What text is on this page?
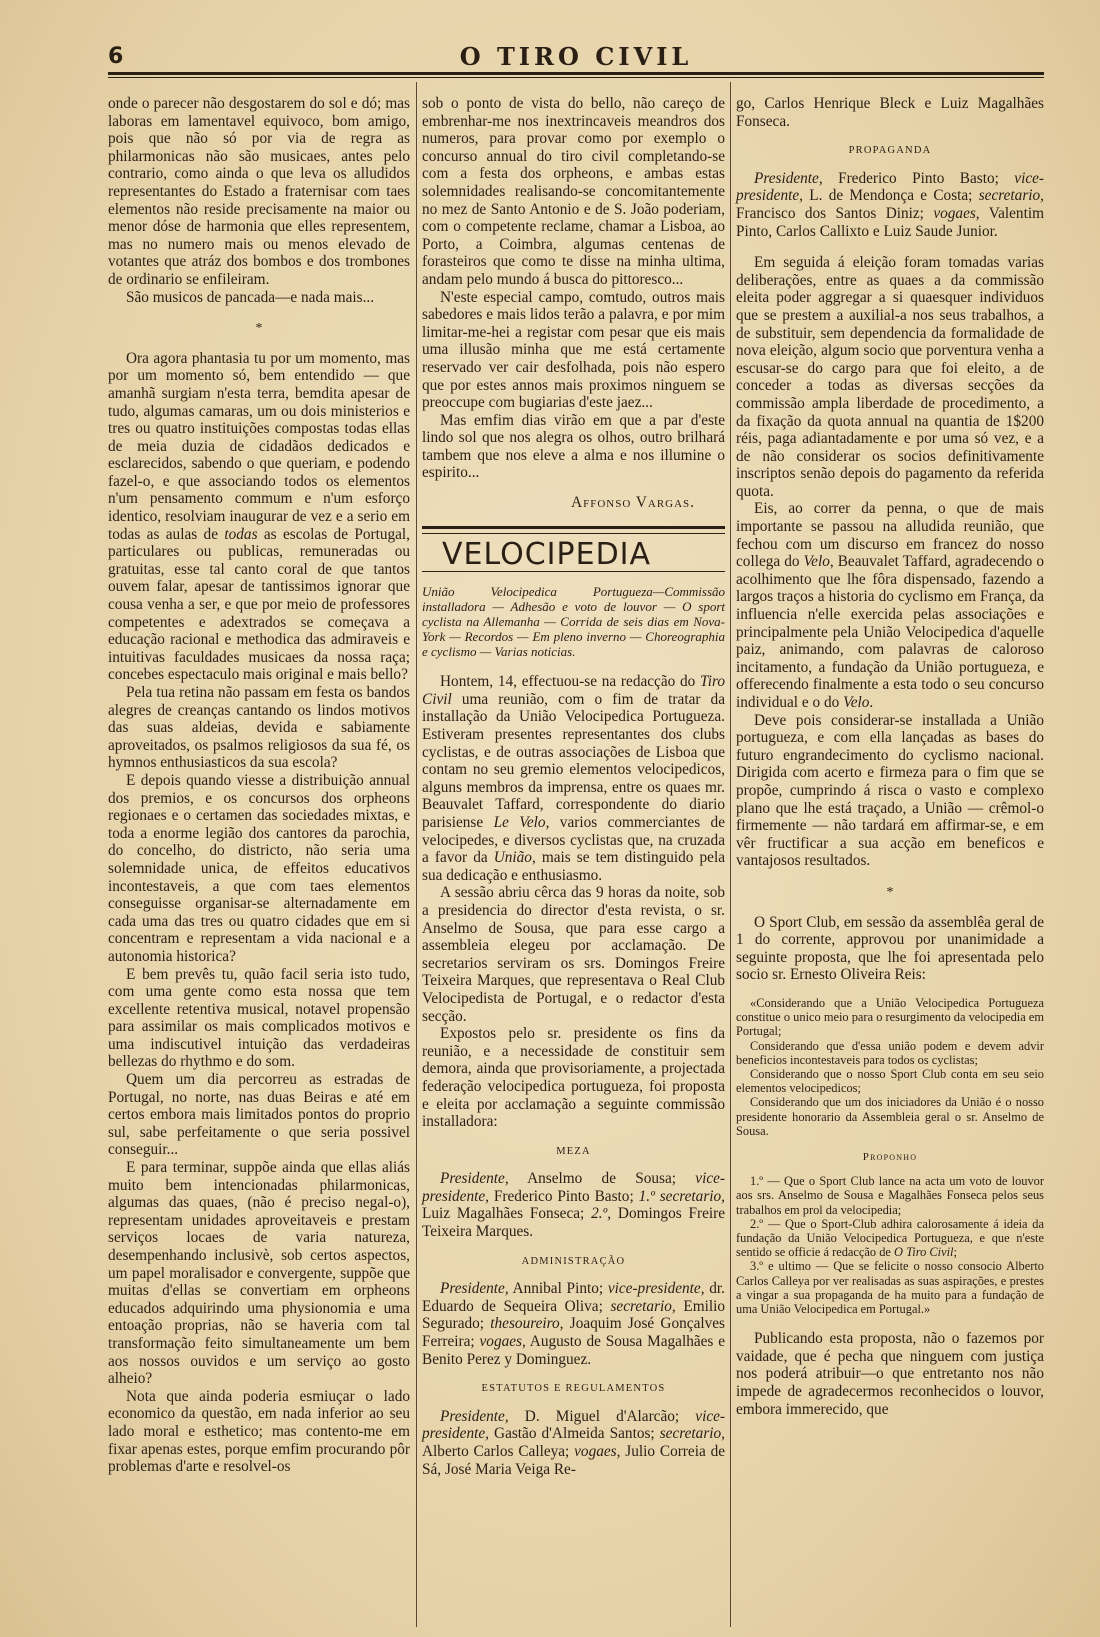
6	O TIRO CIVIL

onde o parecer não desgostarem do sol e dó; mas laboras em lamentavel equivoco, bom amigo, pois que não só por via de regra as philarmonicas não são musicaes, antes pelo contrario, como ainda o que leva os alludidos representantes do Estado a fraternisar com taes elementos não reside precisamente na maior ou menor dóse de harmonia que elles representem, mas no numero mais ou menos elevado de votantes que atráz dos bombos e dos trombones de ordinario se enfileiram.

São musicos de pancada—e nada mais...

*

Ora agora phantasia tu por um momento, mas por um momento só, bem entendido — que amanhã surgiam n'esta terra, bemdita apesar de tudo, algumas camaras, um ou dois ministerios e tres ou quatro instituições compostas todas ellas de meia duzia de cidadãos dedicados e esclarecidos, sabendo o que queriam, e podendo fazel-o, e que associando todos os elementos n'um pensamento commum e n'um esforço identico, resolviam inaugurar de vez e a serio em todas as aulas de todas as escolas de Portugal, particulares ou publicas, remuneradas ou gratuitas, esse tal canto coral de que tantos ouvem falar, apesar de tantissimos ignorar que cousa venha a ser, e que por meio de professores competentes e adextrados se começava a educação racional e methodica das admiraveis e intuitivas faculdades musicaes da nossa raça; concebes espectaculo mais original e mais bello?

Pela tua retina não passam em festa os bandos alegres de creanças cantando os lindos motivos das suas aldeias, devida e sabiamente aproveitados, os psalmos religiosos da sua fé, os hymnos enthusiasticos da sua escola?

E depois quando viesse a distribuição annual dos premios, e os concursos dos orpheons regionaes e o certamen das sociedades mixtas, e toda a enorme legião dos cantores da parochia, do concelho, do districto, não seria uma solemnidade unica, de effeitos educativos incontestaveis, a que com taes elementos conseguisse organisar-se alternadamente em cada uma das tres ou quatro cidades que em si concentram e representam a vida nacional e a autonomia historica?

E bem prevês tu, quão facil seria isto tudo, com uma gente como esta nossa que tem excellente retentiva musical, notavel propensão para assimilar os mais complicados motivos e uma indiscutivel intuição das verdadeiras bellezas do rhythmo e do som.

Quem um dia percorreu as estradas de Portugal, no norte, nas duas Beiras e até em certos embora mais limitados pontos do proprio sul, sabe perfeitamente o que seria possivel conseguir...

E para terminar, suppõe ainda que ellas aliás muito bem intencionadas philarmonicas, algumas das quaes, (não é preciso negal-o), representam unidades aproveitaveis e prestam serviços locaes de varia natureza, desempenhando inclusivè, sob certos aspectos, um papel moralisador e convergente, suppõe que muitas d'ellas se convertiam em orpheons educados adquirindo uma physionomia e uma entoação proprias, não se haveria com tal transformação feito simultaneamente um bem aos nossos ouvidos e um serviço ao gosto alheio?

Nota que ainda poderia esmiuçar o lado economico da questão, em nada inferior ao seu lado moral e esthetico; mas contento-me em fixar apenas estes, porque emfim procurando pôr problemas d'arte e resolvel-os

sob o ponto de vista do bello, não careço de embrenhar-me nos inextrincaveis meandros dos numeros, para provar como por exemplo o concurso annual do tiro civil completando-se com a festa dos orpheons, e ambas estas solemnidades realisando-se concomitantemente no mez de Santo Antonio e de S. João poderiam, com o competente reclame, chamar a Lisboa, ao Porto, a Coimbra, algumas centenas de forasteiros que como te disse na minha ultima, andam pelo mundo á busca do pittoresco...

N'este especial campo, comtudo, outros mais sabedores e mais lidos terão a palavra, e por mim limitar-me-hei a registar com pesar que eis mais uma illusão minha que me está certamente reservado ver cair desfolhada, pois não espero que por estes annos mais proximos ninguem se preoccupe com bugiarias d'este jaez...

Mas emfim dias virão em que a par d'este lindo sol que nos alegra os olhos, outro brilhará tambem que nos eleve a alma e nos illumine o espirito...

Affonso Vargas.
VELOCIPEDIA
União Velocipedica Portugueza—Commissão installadora — Adhesão e voto de louvor — O sport cyclista na Allemanha — Corrida de seis dias em Nova-York — Recordos — Em pleno inverno — Choreographia e cyclismo — Varias noticias.

Hontem, 14, effectuou-se na redacção do Tiro Civil uma reunião, com o fim de tratar da installação da União Velocipedica Portugueza. Estiveram presentes representantes dos clubs cyclistas, e de outras associações de Lisboa que contam no seu gremio elementos velocipedicos, alguns membros da imprensa, entre os quaes mr. Beauvalet Taffard, correspondente do diario parisiense Le Velo, varios commerciantes de velocipedes, e diversos cyclistas que, na cruzada a favor da União, mais se tem distinguido pela sua dedicação e enthusiasmo.

A sessão abriu cêrca das 9 horas da noite, sob a presidencia do director d'esta revista, o sr. Anselmo de Sousa, que para esse cargo a assembleia elegeu por acclamação. De secretarios serviram os srs. Domingos Freire Teixeira Marques, que representava o Real Club Velocipedista de Portugal, e o redactor d'esta secção.

Expostos pelo sr. presidente os fins da reunião, e a necessidade de constituir sem demora, ainda que provisoriamente, a projectada federação velocipedica portugueza, foi proposta e eleita por acclamação a seguinte commissão installadora:

MEZA

Presidente, Anselmo de Sousa; vice-presidente, Frederico Pinto Basto; 1.º secretario, Luiz Magalhães Fonseca; 2.º, Domingos Freire Teixeira Marques.

ADMINISTRAÇÃO

Presidente, Annibal Pinto; vice-presidente, dr. Eduardo de Sequeira Oliva; secretario, Emilio Segurado; thesoureiro, Joaquim José Gonçalves Ferreira; vogaes, Augusto de Sousa Magalhães e Benito Perez y Dominguez.

ESTATUTOS E REGULAMENTOS

Presidente, D. Miguel d'Alarcão; vice-presidente, Gastão d'Almeida Santos; secretario, Alberto Carlos Calleya; vogaes, Julio Correia de Sá, José Maria Veiga Re-

go, Carlos Henrique Bleck e Luiz Magalhães Fonseca.

PROPAGANDA

Presidente, Frederico Pinto Basto; vice-presidente, L. de Mendonça e Costa; secretario, Francisco dos Santos Diniz; vogaes, Valentim Pinto, Carlos Callixto e Luiz Saude Junior.

Em seguida á eleição foram tomadas varias deliberações, entre as quaes a da commissão eleita poder aggregar a si quaesquer individuos que se prestem a auxilial-a nos seus trabalhos, a de substituir, sem dependencia da formalidade de nova eleição, algum socio que porventura venha a escusar-se do cargo para que foi eleito, a de conceder a todas as diversas secções da commissão ampla liberdade de procedimento, a da fixação da quota annual na quantia de 1$200 réis, paga adiantadamente e por uma só vez, e a de não considerar os socios definitivamente inscriptos senão depois do pagamento da referida quota.

Eis, ao correr da penna, o que de mais importante se passou na alludida reunião, que fechou com um discurso em francez do nosso collega do Velo, Beauvalet Taffard, agradecendo o acolhimento que lhe fôra dispensado, fazendo a largos traços a historia do cyclismo em França, da influencia n'elle exercida pelas associações e principalmente pela União Velocipedica d'aquelle paiz, animando, com palavras de caloroso incitamento, a fundação da União portugueza, e offerecendo finalmente a esta todo o seu concurso individual e o do Velo.

Deve pois considerar-se installada a União portugueza, e com ella lançadas as bases do futuro engrandecimento do cyclismo nacional. Dirigida com acerto e firmeza para o fim que se propõe, cumprindo á risca o vasto e complexo plano que lhe está traçado, a União — crêmol-o firmemente — não tardará em affirmar-se, e em vêr fructificar a sua acção em beneficos e vantajosos resultados.

*

O Sport Club, em sessão da assemblêa geral de 1 do corrente, approvou por unanimidade a seguinte proposta, que lhe foi apresentada pelo socio sr. Ernesto Oliveira Reis:

«Considerando que a União Velocipedica Portugueza constitue o unico meio para o resurgimento da velocipedia em Portugal;

Considerando que d'essa união podem e devem advir beneficios incontestaveis para todos os cyclistas;

Considerando que o nosso Sport Club conta em seu seio elementos velocipedicos;

Considerando que um dos iniciadores da União é o nosso presidente honorario da Assembleia geral o sr. Anselmo de Sousa.

Proponho

1.º — Que o Sport Club lance na acta um voto de louvor aos srs. Anselmo de Sousa e Magalhães Fonseca pelos seus trabalhos em prol da velocipedia;

2.º — Que o Sport-Club adhira calorosamente á ideia da fundação da União Velocipedica Portugueza, e que n'este sentido se officie á redacção de O Tiro Civil;

3.º e ultimo — Que se felicite o nosso consocio Alberto Carlos Calleya por ver realisadas as suas aspirações, e prestes a vingar a sua propaganda de ha muito para a fundação de uma União Velocipedica em Portugal.»

Publicando esta proposta, não o fazemos por vaidade, que é pecha que ninguem com justiça nos poderá atribuir—o que entretanto nos não impede de agradecermos reconhecidos o louvor, embora immerecido, que
